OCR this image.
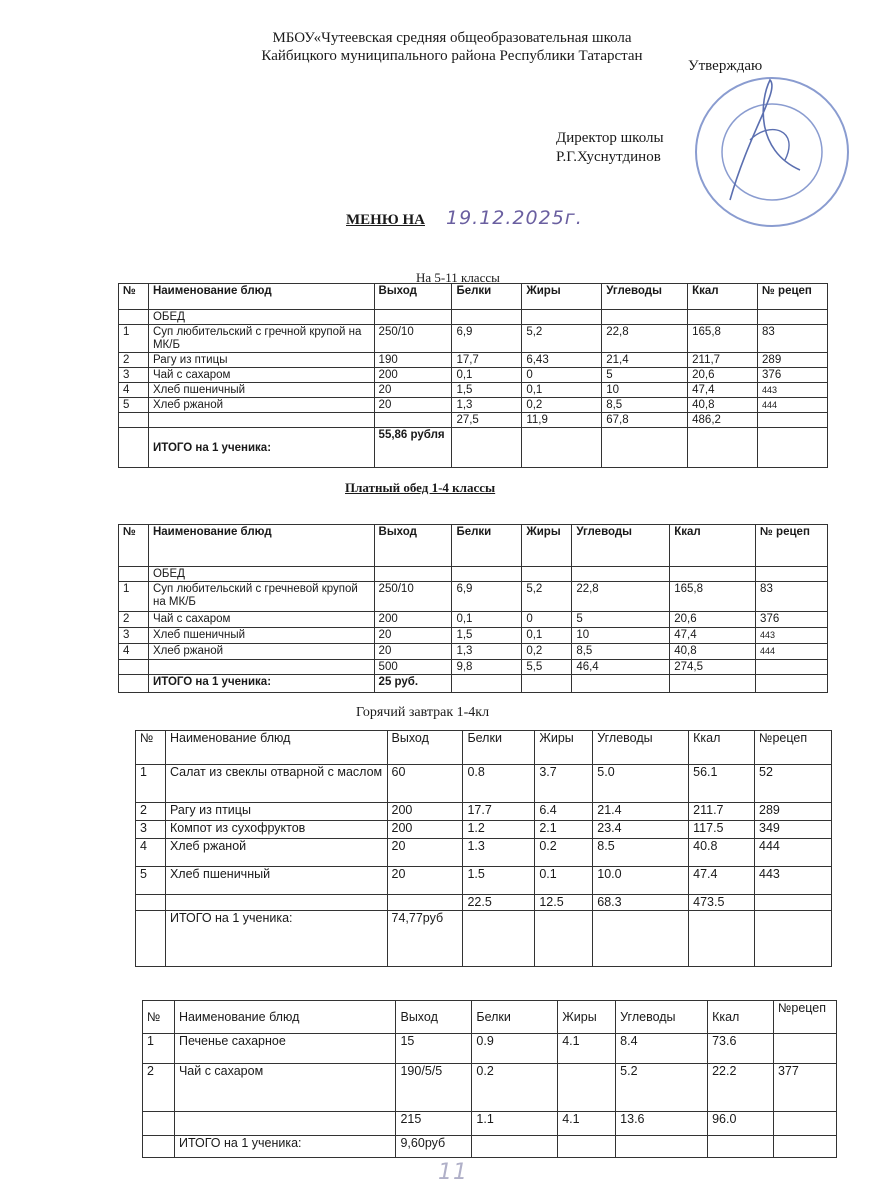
МБОУ«Чутеевская средняя общеобразовательная школа
Кайбицкого муниципального района Республики Татарстан
Утверждаю
Директор школы
Р.Г.Хуснутдинов
МЕНЮ НА 19.12.2025г.
На 5-11 классы
№	Наименование блюд	Выход	Белки	Жиры	Углеводы	Ккал	№ рецеп
	ОБЕД						
1	Суп любительский с гречной крупой на МК/Б	250/10	6,9	5,2	22,8	165,8	83
2	Рагу из птицы	190	17,7	6,43	21,4	211,7	289
3	Чай с сахаром	200	0,1	0	5	20,6	376
4	Хлеб пшеничный	20	1,5	0,1	10	47,4	443
5	Хлеб ржаной	20	1,3	0,2	8,5	40,8	444
			27,5	11,9	67,8	486,2	
	ИТОГО на 1 ученика:	55,86 рубля					
Платный обед 1-4 классы
№	Наименование блюд	Выход	Белки	Жиры	Углеводы	Ккал	№ рецеп
	ОБЕД						
1	Суп любительский с гречневой крупой на МК/Б	250/10	6,9	5,2	22,8	165,8	83
2	Чай с сахаром	200	0,1	0	5	20,6	376
3	Хлеб пшеничный	20	1,5	0,1	10	47,4	443
4	Хлеб ржаной	20	1,3	0,2	8,5	40,8	444
		500	9,8	5,5	46,4	274,5	
	ИТОГО на 1 ученика:	25 руб.					
Горячий завтрак 1-4кл
№	Наименование блюд	Выход	Белки	Жиры	Углеводы	Ккал	№рецеп
1	Салат из свеклы отварной с маслом	60	0.8	3.7	5.0	56.1	52
2	Рагу из птицы	200	17.7	6.4	21.4	211.7	289
3	Компот из сухофруктов	200	1.2	2.1	23.4	117.5	349
4	Хлеб ржаной	20	1.3	0.2	8.5	40.8	444
5	Хлеб пшеничный	20	1.5	0.1	10.0	47.4	443
			22.5	12.5	68.3	473.5	
	ИТОГО на 1 ученика:	74,77руб					
№	Наименование блюд	Выход	Белки	Жиры	Углеводы	Ккал	№рецеп
1	Печенье сахарное	15	0.9	4.1	8.4	73.6	
2	Чай с сахаром	190/5/5	0.2		5.2	22.2	377
		215	1.1	4.1	13.6	96.0	
	ИТОГО на 1 ученика:	9,60руб					
11
